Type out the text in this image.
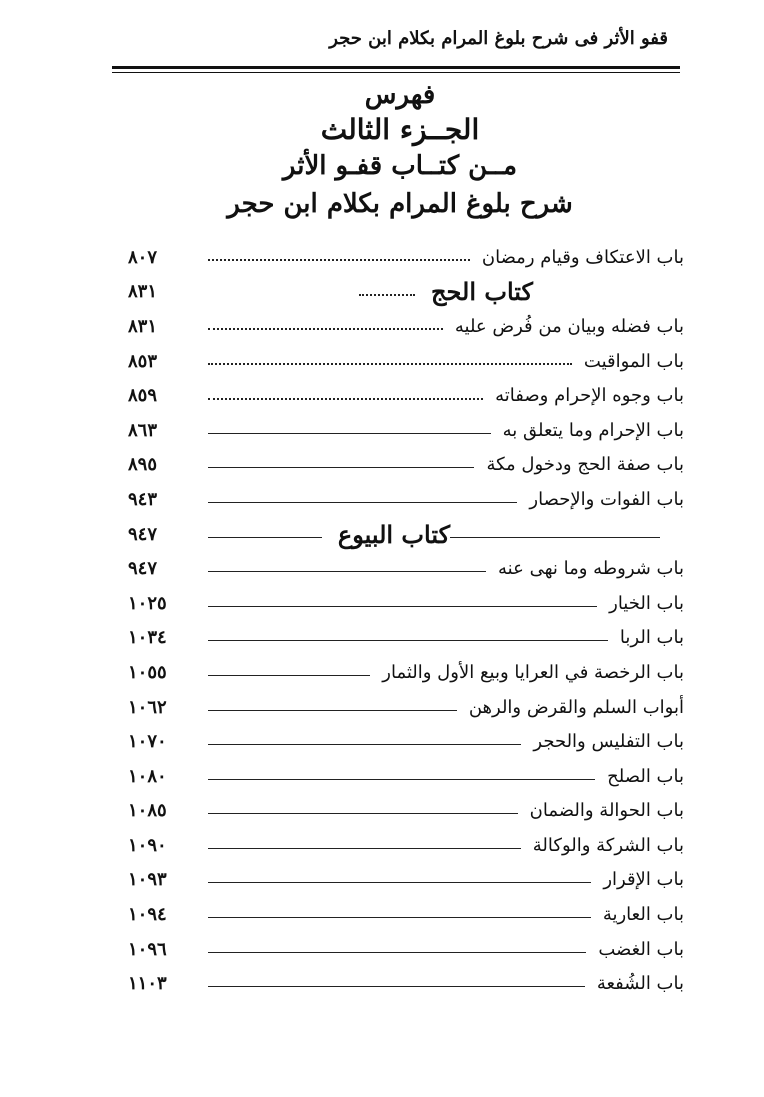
قفو الأثر فى شرح بلوغ المرام بكلام ابن حجر
فهرس
الجــزء الثالث
مــن كتــاب قفـو الأثر
شرح بلوغ المرام بكلام ابن حجر
باب الاعتكاف وقيام رمضان
٨٠٧
كتاب الحج
٨٣١
باب فضله وبيان من فُرض عليه
٨٣١
باب المواقيت
٨٥٣
باب وجوه الإحرام وصفاته
٨٥٩
باب الإحرام وما يتعلق به
٨٦٣
باب صفة الحج ودخول مكة
٨٩٥
باب الفوات والإحصار
٩٤٣
كتاب البيوع
٩٤٧
باب شروطه وما نهى عنه
٩٤٧
باب الخيار
١٠٢٥
باب الربا
١٠٣٤
باب الرخصة في العرايا وبيع الأول والثمار
١٠٥٥
أبواب السلم والقرض والرهن
١٠٦٢
باب التفليس والحجر
١٠٧٠
باب الصلح
١٠٨٠
باب الحوالة والضمان
١٠٨٥
باب الشركة والوكالة
١٠٩٠
باب الإقرار
١٠٩٣
باب العارية
١٠٩٤
باب الغضب
١٠٩٦
باب الشُفعة
١١٠٣
